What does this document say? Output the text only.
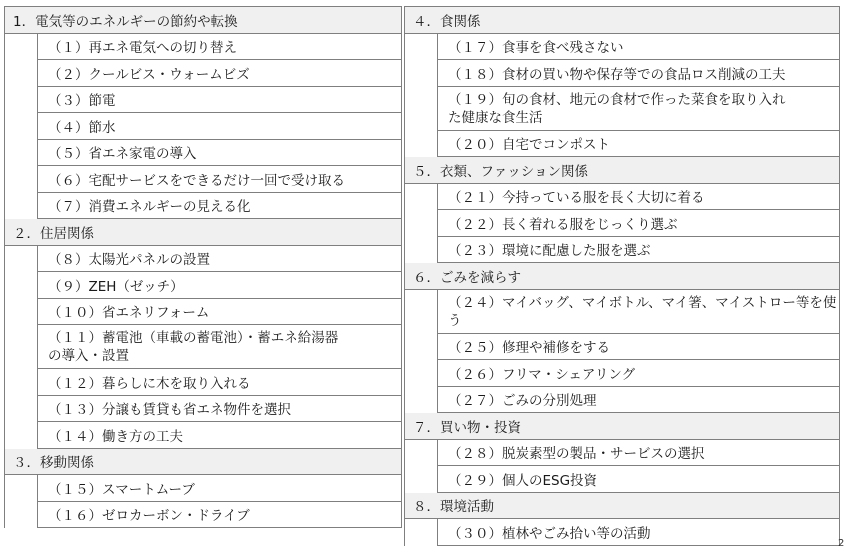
1．電気等のエネルギーの節約や転換
（１）再エネ電気への切り替え
（２）クールビス・ウォームビズ
（３）節電
（４）節水
（５）省エネ家電の導入
（６）宅配サービスをできるだけ一回で受け取る
（７）消費エネルギーの見える化
２．住居関係
（８）太陽光パネルの設置
（９）ZEH（ゼッチ）
（１０）省エネリフォーム
（１１）蓄電池（車載の蓄電池）・蓄エネ給湯器
の導入・設置
（１２）暮らしに木を取り入れる
（１３）分譲も賃貸も省エネ物件を選択
（１４）働き方の工夫
３．移動関係
（１５）スマートムーブ
（１６）ゼロカーボン・ドライブ
４．食関係
（１７）食事を食べ残さない
（１８）食材の買い物や保存等での食品ロス削減の工夫
（１９）旬の食材、地元の食材で作った菜食を取り入れ
た健康な食生活
（２０）自宅でコンポスト
５．衣類、ファッション関係
（２１）今持っている服を長く大切に着る
（２２）長く着れる服をじっくり選ぶ
（２３）環境に配慮した服を選ぶ
６．ごみを減らす
（２４）マイバッグ、マイボトル、マイ箸、マイストロー等を使
う
（２５）修理や補修をする
（２６）フリマ・シェアリング
（２７）ごみの分別処理
７．買い物・投資
（２８）脱炭素型の製品・サービスの選択
（２９）個人のESG投資
８．環境活動
（３０）植林やごみ拾い等の活動
2
